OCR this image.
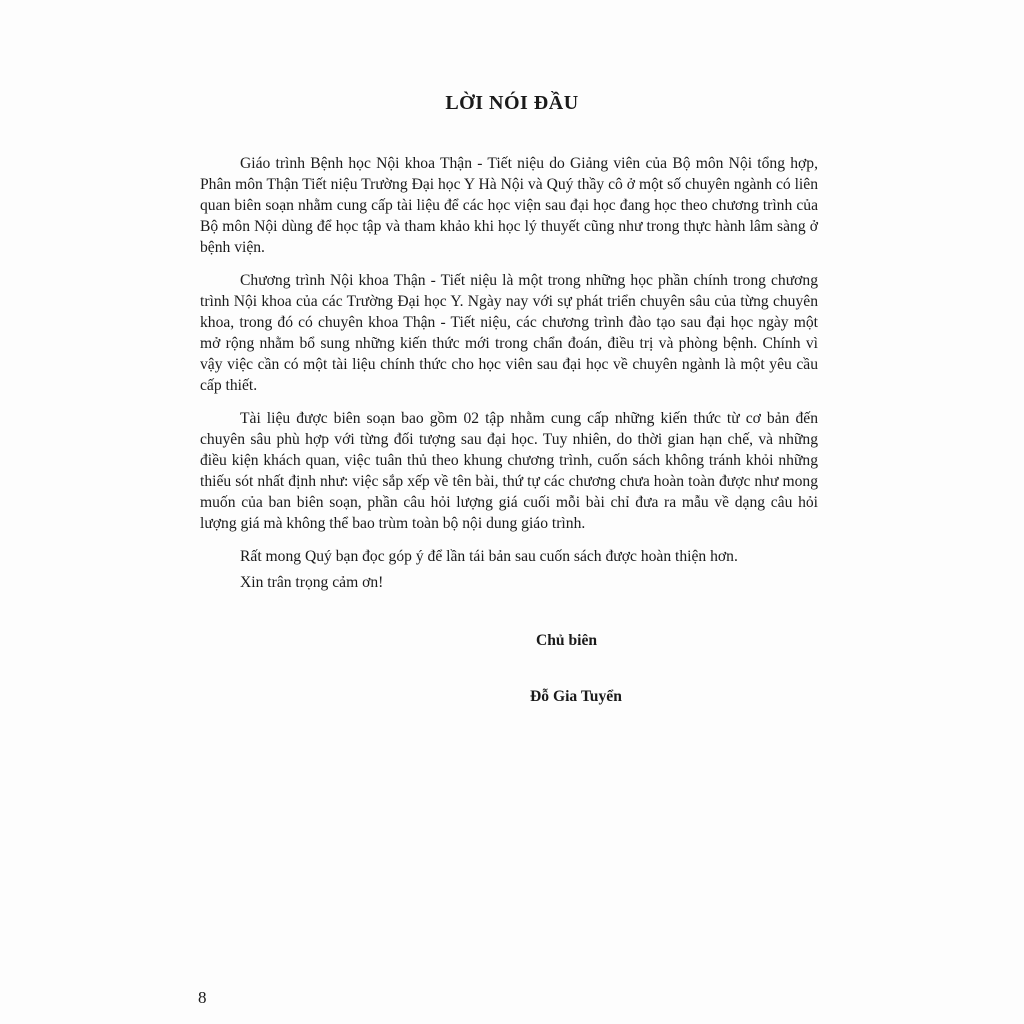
LỜI NÓI ĐẦU

Giáo trình Bệnh học Nội khoa Thận - Tiết niệu do Giảng viên của Bộ môn Nội tổng hợp, Phân môn Thận Tiết niệu Trường Đại học Y Hà Nội và Quý thầy cô ở một số chuyên ngành có liên quan biên soạn nhằm cung cấp tài liệu để các học viện sau đại học đang học theo chương trình của Bộ môn Nội dùng để học tập và tham khảo khi học lý thuyết cũng như trong thực hành lâm sàng ở bệnh viện.

Chương trình Nội khoa Thận - Tiết niệu là một trong những học phần chính trong chương trình Nội khoa của các Trường Đại học Y. Ngày nay với sự phát triển chuyên sâu của từng chuyên khoa, trong đó có chuyên khoa Thận - Tiết niệu, các chương trình đào tạo sau đại học ngày một mở rộng nhằm bổ sung những kiến thức mới trong chẩn đoán, điều trị và phòng bệnh. Chính vì vậy việc cần có một tài liệu chính thức cho học viên sau đại học về chuyên ngành là một yêu cầu cấp thiết.

Tài liệu được biên soạn bao gồm 02 tập nhằm cung cấp những kiến thức từ cơ bản đến chuyên sâu phù hợp với từng đối tượng sau đại học. Tuy nhiên, do thời gian hạn chế, và những điều kiện khách quan, việc tuân thủ theo khung chương trình, cuốn sách không tránh khỏi những thiếu sót nhất định như: việc sắp xếp về tên bài, thứ tự các chương chưa hoàn toàn được như mong muốn của ban biên soạn, phần câu hỏi lượng giá cuối mỗi bài chỉ đưa ra mẫu về dạng câu hỏi lượng giá mà không thể bao trùm toàn bộ nội dung giáo trình.

Rất mong Quý bạn đọc góp ý để lần tái bản sau cuốn sách được hoàn thiện hơn.
Xin trân trọng cảm ơn!
Chủ biên
Đỗ Gia Tuyển
8
